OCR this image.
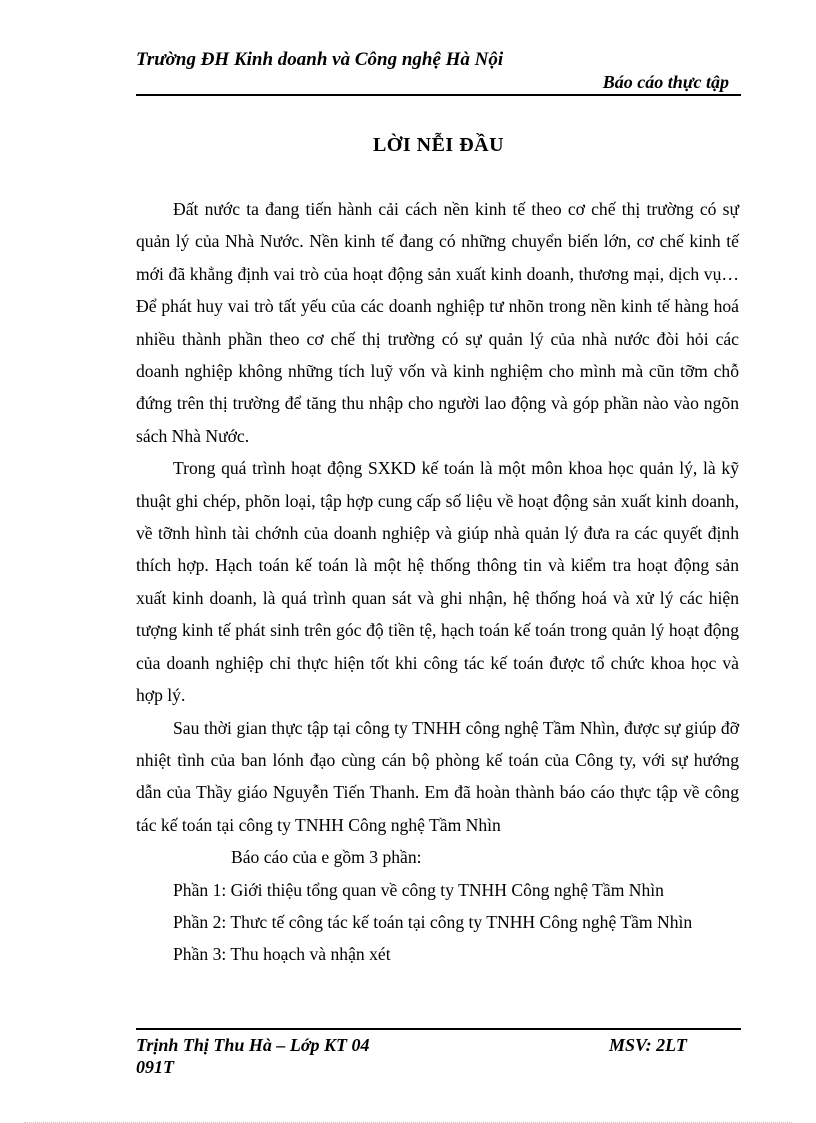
Trường ĐH Kinh doanh và Công nghệ Hà Nội
Báo cáo thực tập
LỜI NỄI ĐẦU

Đất nước ta đang tiến hành cải cách nền kinh tế theo cơ chế thị trường có sự quản lý của Nhà Nước. Nền kinh tế đang có những chuyển biến lớn, cơ chế kinh tế mới đã khẳng định vai trò của hoạt động sản xuất kinh doanh, thương mại, dịch vụ… Để phát huy vai trò tất yếu của các doanh nghiệp tư nhõn trong nền kinh tế hàng hoá nhiều thành phần theo cơ chế thị trường có sự quản lý của nhà nước đòi hỏi các doanh nghiệp không những tích luỹ vốn và kinh nghiệm cho mình mà cũn tỡm chỗ đứng trên thị trường để tăng thu nhập cho người lao động và góp phần nào vào ngõn sách Nhà Nước.

Trong quá trình hoạt động SXKD kế toán là một môn khoa học quản lý, là kỹ thuật ghi chép, phõn loại, tập hợp cung cấp số liệu về hoạt động sản xuất kinh doanh, về tỡnh hình tài chớnh của doanh nghiệp và giúp nhà quản lý đưa ra các quyết định thích hợp. Hạch toán kế toán là một hệ thống thông tin và kiểm tra hoạt động sản xuất kinh doanh, là quá trình quan sát và ghi nhận, hệ thống hoá và xử lý các hiện tượng kinh tế phát sinh trên góc độ tiền tệ, hạch toán kế toán trong quản lý hoạt động của doanh nghiệp chỉ thực hiện tốt khi công tác kế toán được tổ chức khoa học và hợp lý.

Sau thời gian thực tập tại công ty TNHH công nghệ Tầm Nhìn, được sự giúp đỡ nhiệt tình của ban lónh đạo cùng cán bộ phòng kế toán của Công ty, với sự hướng dẫn của Thầy giáo Nguyễn Tiến Thanh. Em đã hoàn thành báo cáo thực tập về công tác kế toán tại công ty TNHH Công nghệ Tầm Nhìn

Báo cáo của e gồm 3 phần:
Phần 1: Giới thiệu tổng quan về công ty TNHH Công nghệ Tầm Nhìn
Phần 2: Thưc tế công tác kế toán tại công ty TNHH Công nghệ Tầm Nhìn
Phần 3: Thu hoạch và nhận xét
Trịnh Thị Thu Hà – Lớp KT 04 091T
MSV: 2LT
